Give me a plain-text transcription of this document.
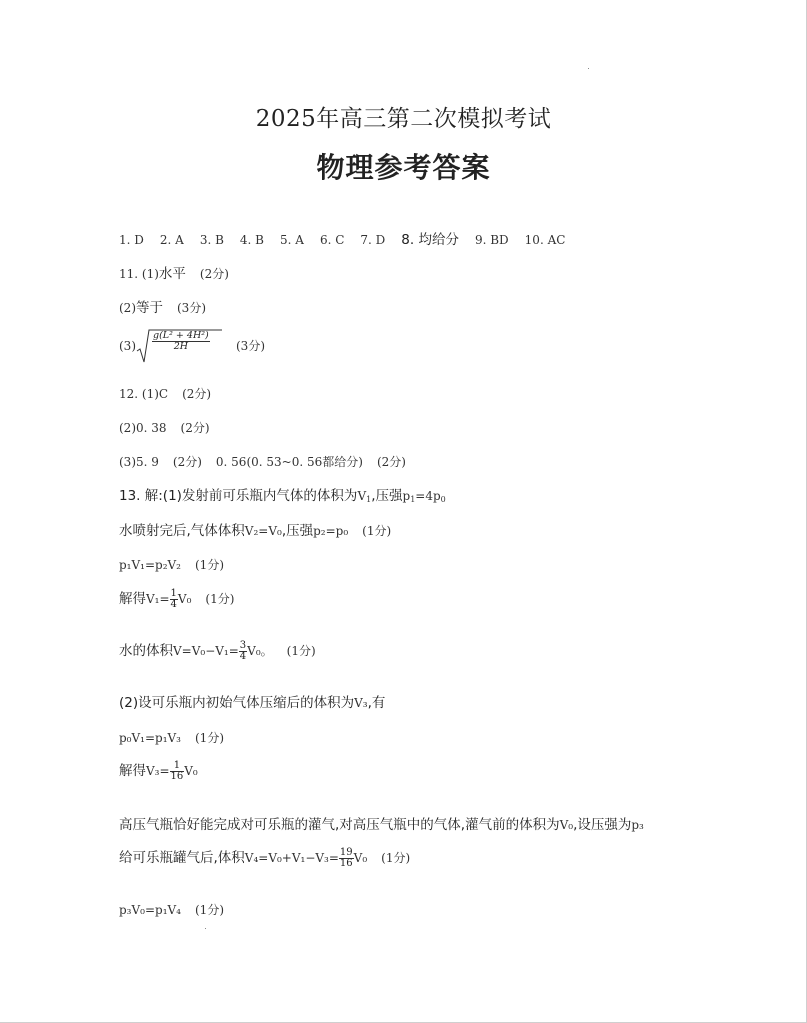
2025年高三第二次模拟考试
物理参考答案
1. D 2. A 3. B 4. B 5. A 6. C 7. D 8. 均给分 9. BD 10. AC
11. (1)水平 (2分)
(2)等于 (3分)
$(3) \frac{\text{g(L² + 4H²)}}{2H} (3$分)
12. (1)C (2分)
(2)0. 38 (2分)
(3)5. 9 (2分) 0. 56(0. 53~0. 56都给分) (2分)
13. 解:(1)发射前可乐瓶内气体的体积为$V_1$,压强$p_1=4p_0$
水喷射完后,气体体积V₂=V₀,压强p₂=p₀ (1分)
p₁V₁=p₂V₂ (1分)
解得$V_1= \frac{1}{4} V_0$ (1分)
水的体积$V=V_0-V_1= \frac{3}{4} V_0$。 (1分)
(2)设可乐瓶内初始气体压缩后的体积为V₃,有
p₀V₁=p₁V₃ (1分)
解得$V_3= \frac{1}{16} V_0$
高压气瓶恰好能完成对可乐瓶的灌气,对高压气瓶中的气体,灌气前的体积为V₀,设压强为p₃
给可乐瓶罐气后,体积$V_4=V_0+V_1-V_3= \frac{19}{16} V_0$ (1分)
p₃V₀=p₁V₄ (1分)
